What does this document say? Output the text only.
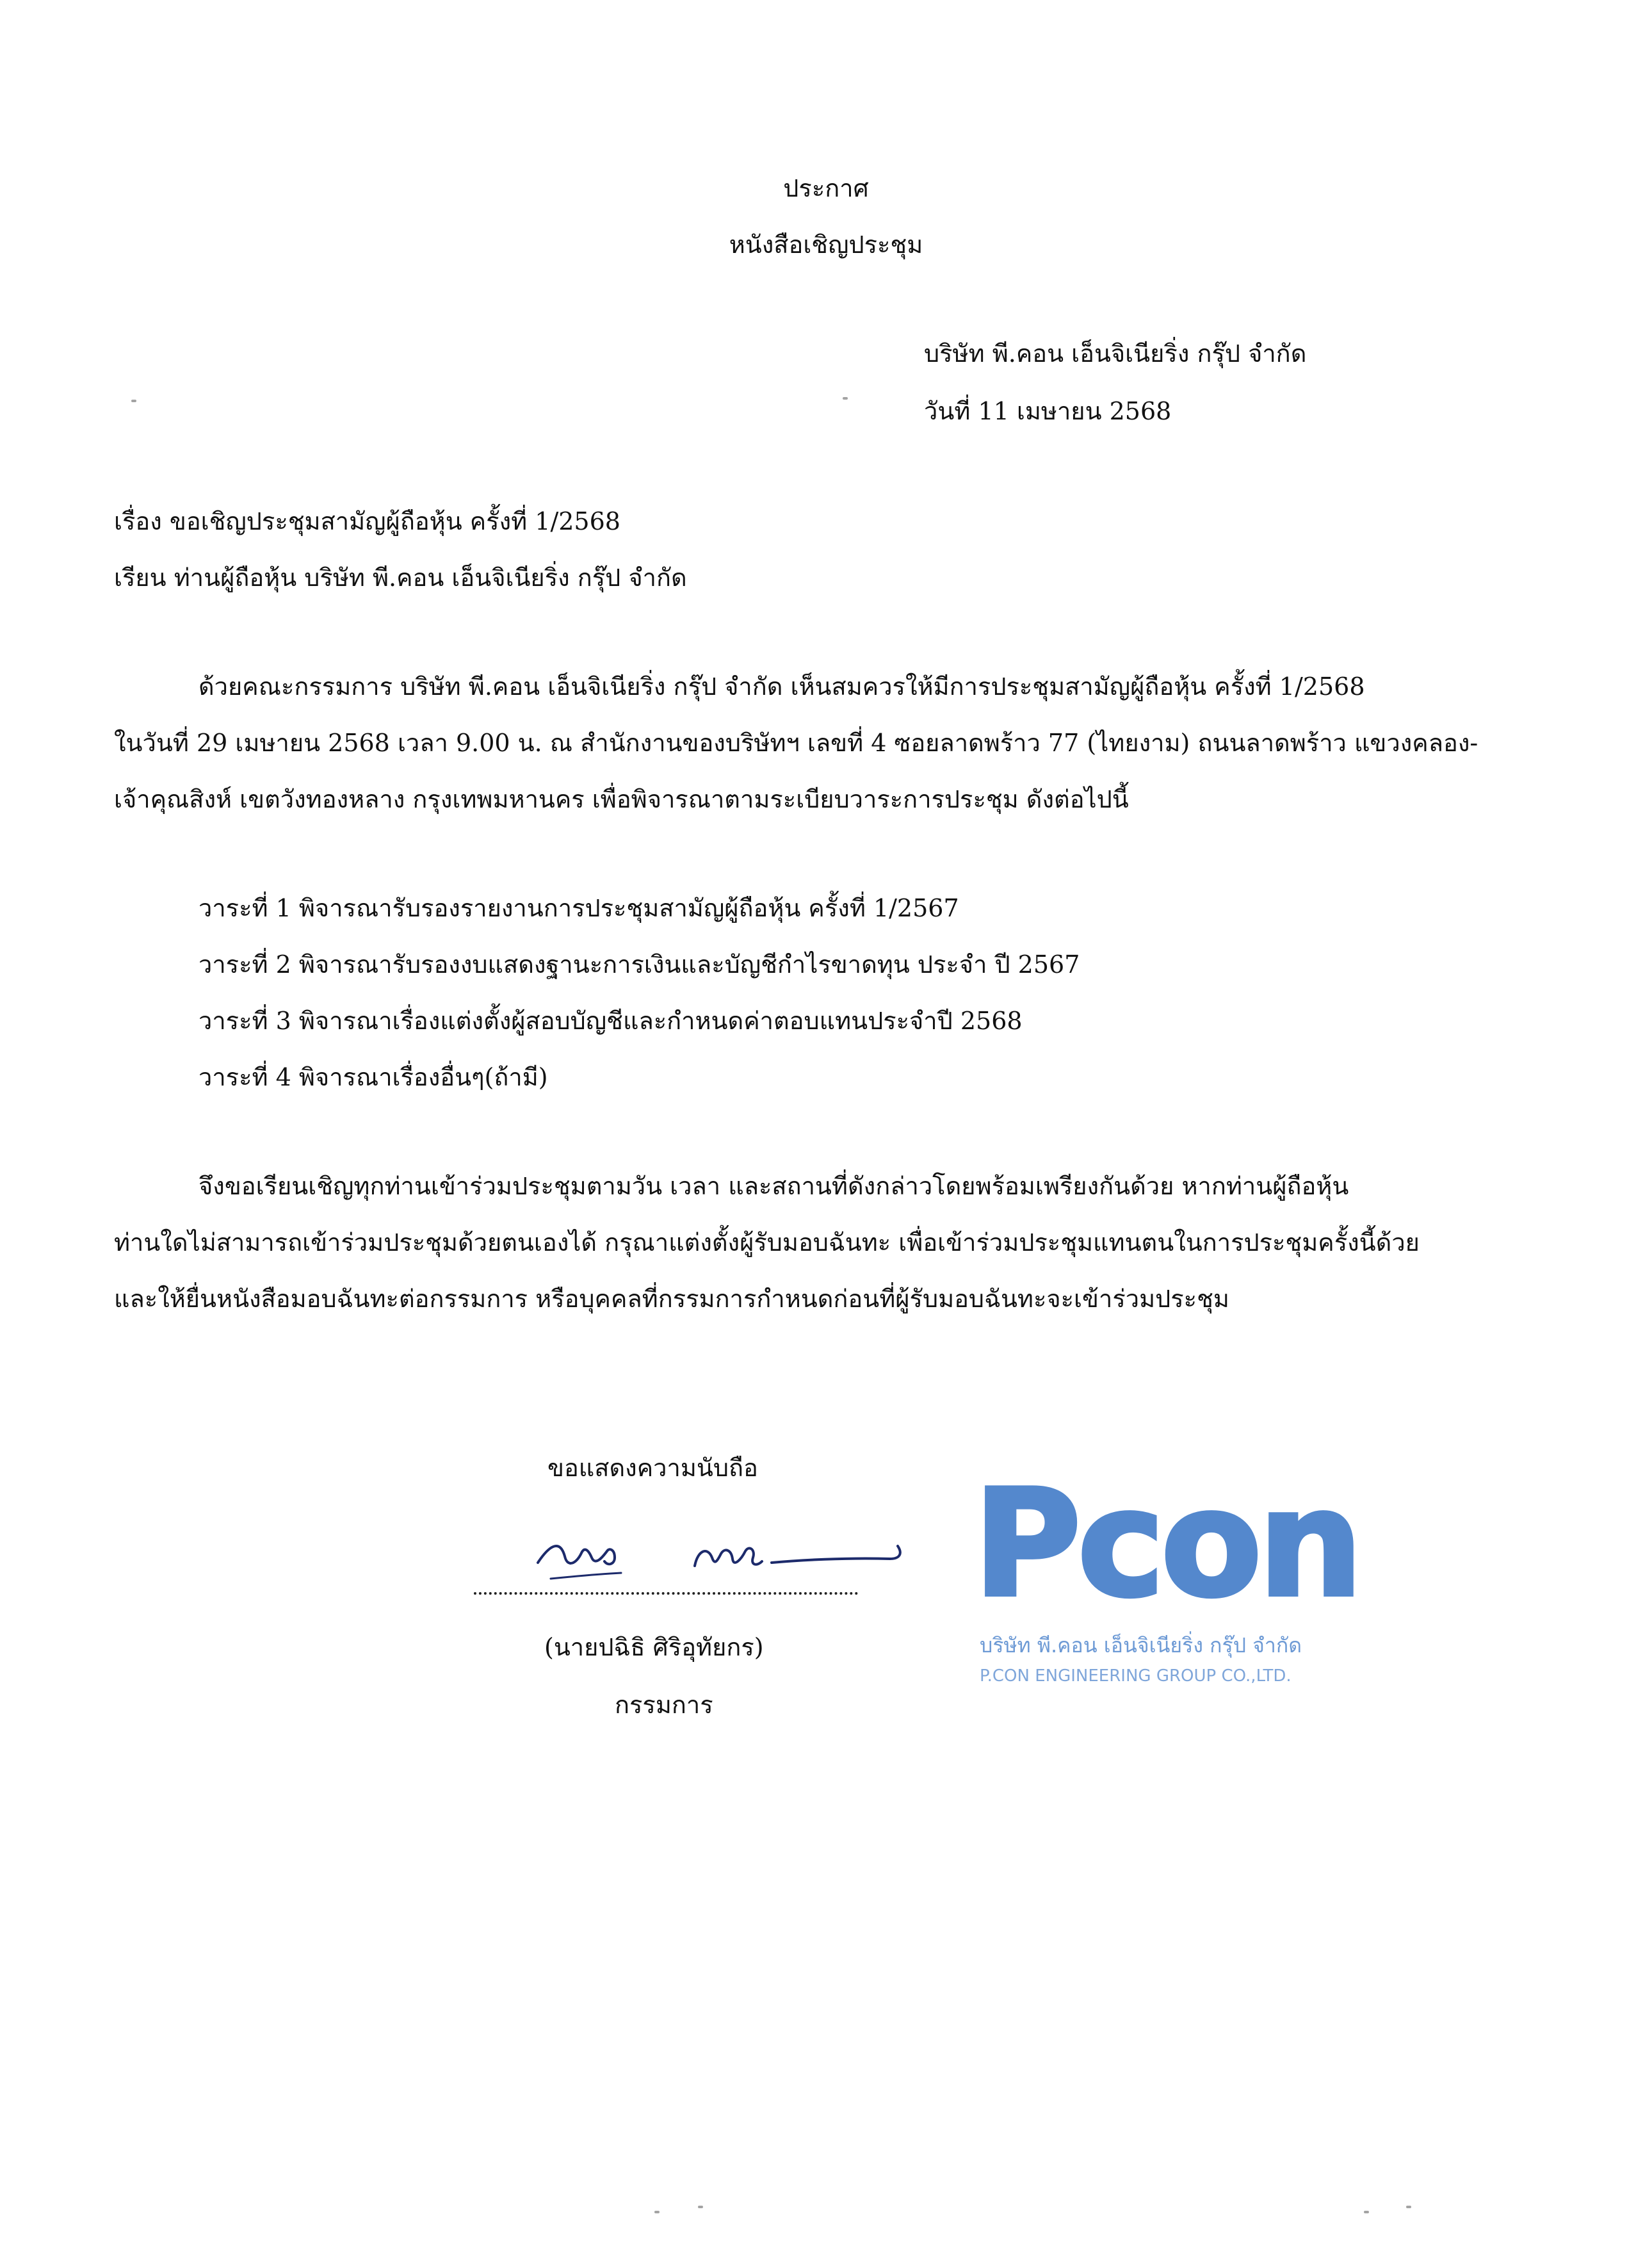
ประกาศ
หนังสือเชิญประชุม
บริษัท พี.คอน เอ็นจิเนียริ่ง กรุ๊ป จำกัด
วันที่ 11 เมษายน 2568
เรื่อง ขอเชิญประชุมสามัญผู้ถือหุ้น ครั้งที่ 1/2568
เรียน ท่านผู้ถือหุ้น บริษัท พี.คอน เอ็นจิเนียริ่ง กรุ๊ป จำกัด
ด้วยคณะกรรมการ บริษัท พี.คอน เอ็นจิเนียริ่ง กรุ๊ป จำกัด เห็นสมควรให้มีการประชุมสามัญผู้ถือหุ้น ครั้งที่ 1/2568
ในวันที่ 29 เมษายน 2568 เวลา 9.00 น. ณ สำนักงานของบริษัทฯ เลขที่ 4 ซอยลาดพร้าว 77 (ไทยงาม) ถนนลาดพร้าว แขวงคลอง-
เจ้าคุณสิงห์ เขตวังทองหลาง กรุงเทพมหานคร เพื่อพิจารณาตามระเบียบวาระการประชุม ดังต่อไปนี้
วาระที่ 1 พิจารณารับรองรายงานการประชุมสามัญผู้ถือหุ้น ครั้งที่ 1/2567
วาระที่ 2 พิจารณารับรองงบแสดงฐานะการเงินและบัญชีกำไรขาดทุน ประจำ ปี 2567
วาระที่ 3 พิจารณาเรื่องแต่งตั้งผู้สอบบัญชีและกำหนดค่าตอบแทนประจำปี 2568
วาระที่ 4 พิจารณาเรื่องอื่นๆ(ถ้ามี)
จึงขอเรียนเชิญทุกท่านเข้าร่วมประชุมตามวัน เวลา และสถานที่ดังกล่าวโดยพร้อมเพรียงกันด้วย หากท่านผู้ถือหุ้น
ท่านใดไม่สามารถเข้าร่วมประชุมด้วยตนเองได้ กรุณาแต่งตั้งผู้รับมอบฉันทะ เพื่อเข้าร่วมประชุมแทนตนในการประชุมครั้งนี้ด้วย
และให้ยื่นหนังสือมอบฉันทะต่อกรรมการ หรือบุคคลที่กรรมการกำหนดก่อนที่ผู้รับมอบฉันทะจะเข้าร่วมประชุม
ขอแสดงความนับถือ
(นายปฉิธิ ศิริอุทัยกร)
กรรมการ
Pcon
บริษัท พี.คอน เอ็นจิเนียริ่ง กรุ๊ป จำกัด
P.CON ENGINEERING GROUP CO.,LTD.
